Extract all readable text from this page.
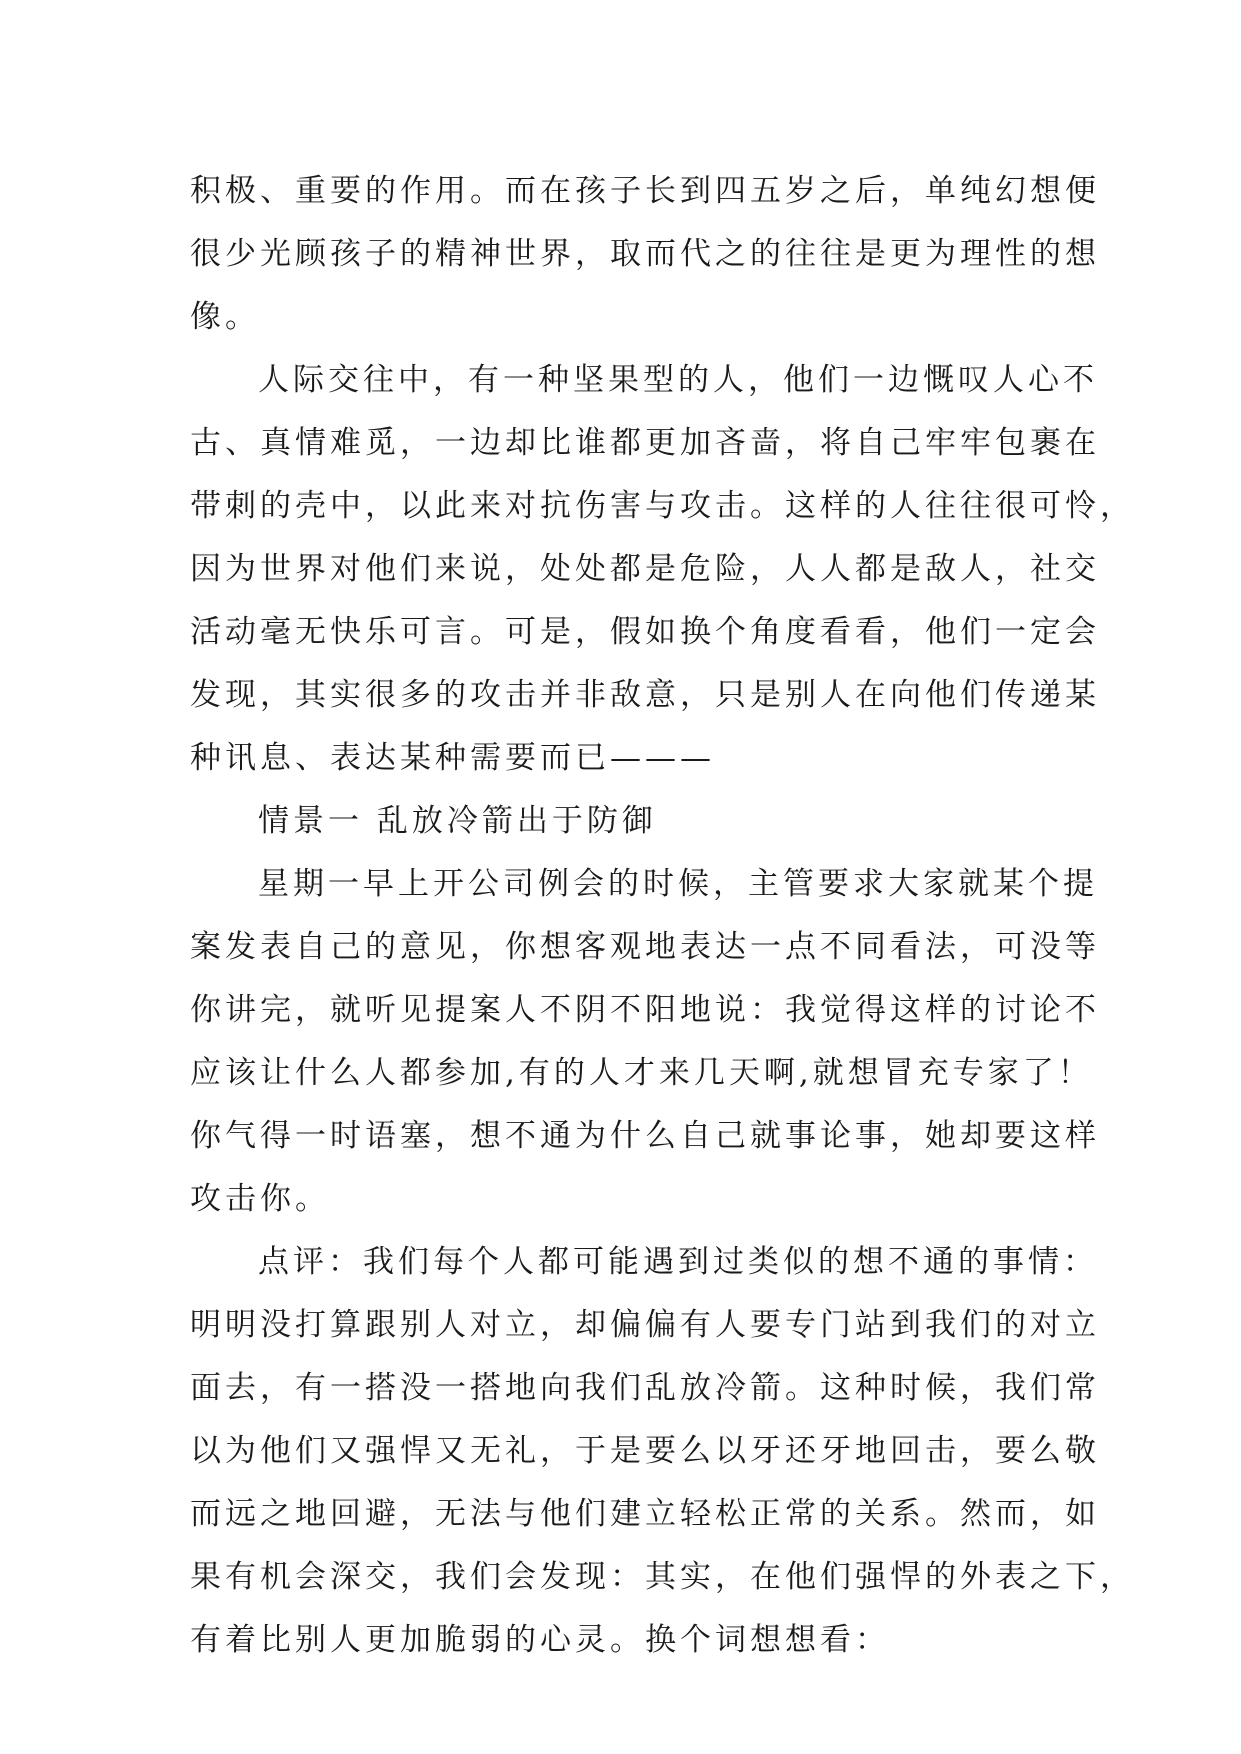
积极、重要的作用。而在孩子长到四五岁之后，单纯幻想便
很少光顾孩子的精神世界，取而代之的往往是更为理性的想
像。
人际交往中，有一种坚果型的人，他们一边慨叹人心不
古、真情难觅，一边却比谁都更加吝啬，将自己牢牢包裹在
带刺的壳中，以此来对抗伤害与攻击。这样的人往往很可怜，
因为世界对他们来说，处处都是危险，人人都是敌人，社交
活动毫无快乐可言。可是，假如换个角度看看，他们一定会
发现，其实很多的攻击并非敌意，只是别人在向他们传递某
种讯息、表达某种需要而已———
情景一 乱放冷箭出于防御
星期一早上开公司例会的时候，主管要求大家就某个提
案发表自己的意见，你想客观地表达一点不同看法，可没等
你讲完，就听见提案人不阴不阳地说：我觉得这样的讨论不
应该让什么人都参加,有的人才来几天啊,就想冒充专家了！
你气得一时语塞，想不通为什么自己就事论事，她却要这样
攻击你。
点评：我们每个人都可能遇到过类似的想不通的事情：
明明没打算跟别人对立，却偏偏有人要专门站到我们的对立
面去，有一搭没一搭地向我们乱放冷箭。这种时候，我们常
以为他们又强悍又无礼，于是要么以牙还牙地回击，要么敬
而远之地回避，无法与他们建立轻松正常的关系。然而，如
果有机会深交，我们会发现：其实，在他们强悍的外表之下，
有着比别人更加脆弱的心灵。换个词想想看：
